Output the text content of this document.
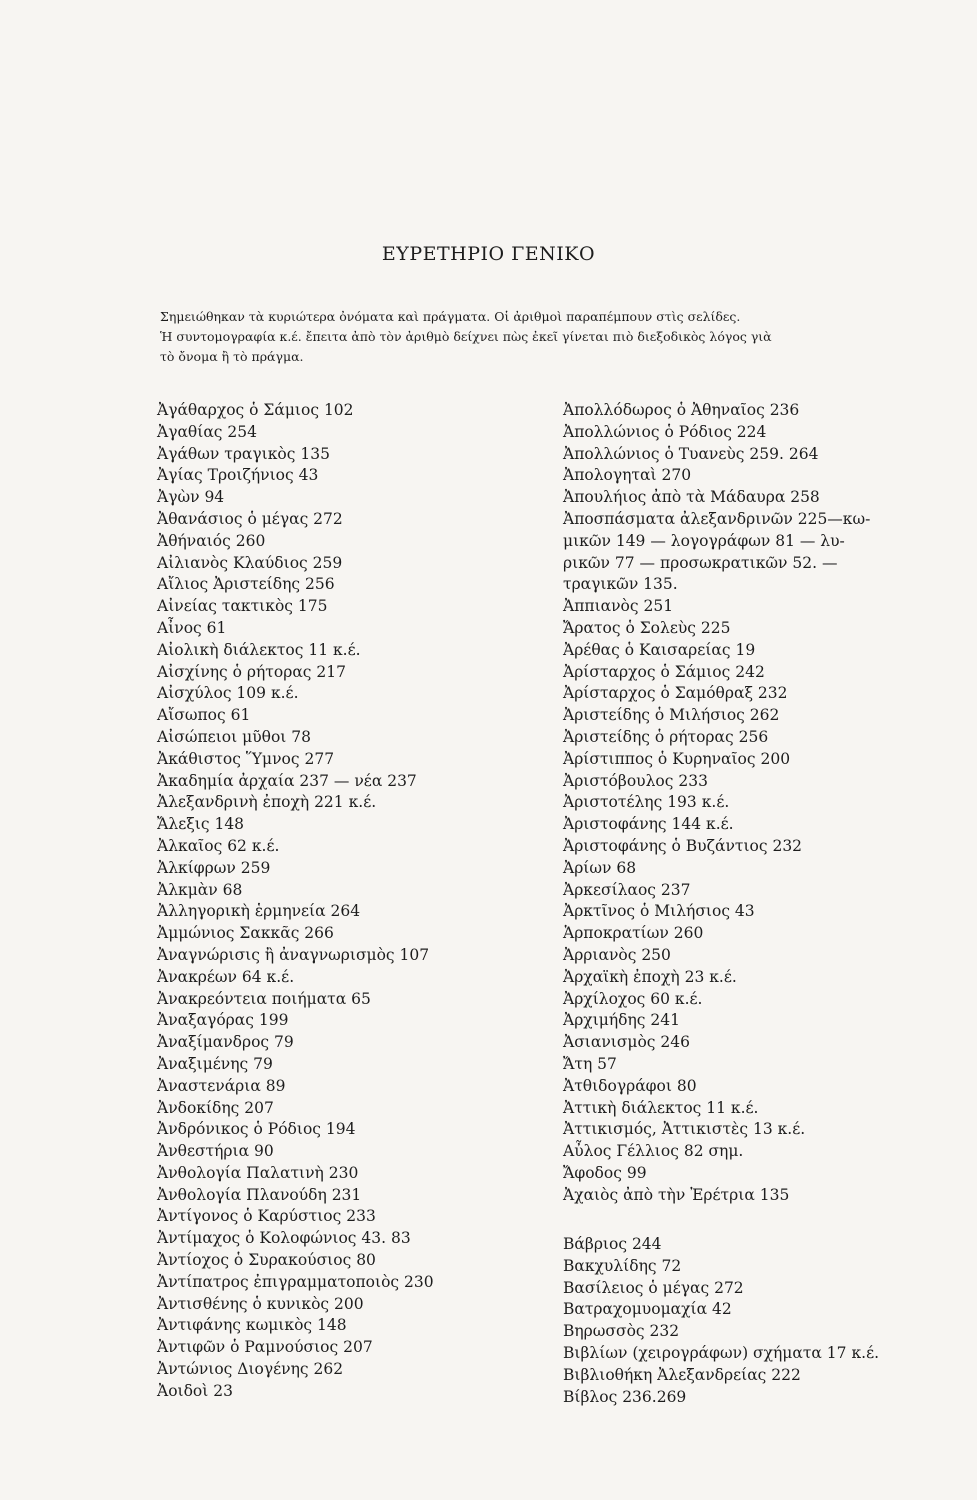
ΕΥΡΕΤΗΡΙΟ ΓΕΝΙΚΟ

Σημειώθηκαν τὰ κυριώτερα ὀνόματα καὶ πράγματα. Οἱ ἀριθμοὶ παραπέμπουν στὶς σελίδες.

Ἡ συντομογραφία κ.έ. ἔπειτα ἀπὸ τὸν ἀριθμὸ δείχνει πὼς ἐκεῖ γίνεται πιὸ διεξοδικὸς λόγος γιὰ

τὸ ὄνομα ἢ τὸ πράγμα.

Ἀγάθαρχος ὁ Σάμιος 102
Ἀγαθίας 254
Ἀγάθων τραγικὸς 135
Ἀγίας Τροιζήνιος 43
Ἀγὼν 94
Ἀθανάσιος ὁ μέγας 272
Ἀθήναιός 260
Αἰλιανὸς Κλαύδιος 259
Αἴλιος Ἀριστείδης 256
Αἰνείας τακτικὸς 175
Αἶνος 61
Αἰολικὴ διάλεκτος 11 κ.έ.
Αἰσχίνης ὁ ρήτορας 217
Αἰσχύλος 109 κ.έ.
Αἴσωπος 61
Αἰσώπειοι μῦθοι 78
Ἀκάθιστος Ὕμνος 277
Ἀκαδημία ἀρχαία 237 — νέα 237
Ἀλεξανδρινὴ ἐποχὴ 221 κ.έ.
Ἄλεξις 148
Ἀλκαῖος 62 κ.έ.
Ἀλκίφρων 259
Ἀλκμὰν 68
Ἀλληγορικὴ ἑρμηνεία 264
Ἀμμώνιος Σακκᾶς 266
Ἀναγνώρισις ἢ ἀναγνωρισμὸς 107
Ἀνακρέων 64 κ.έ.
Ἀνακρεόντεια ποιήματα 65
Ἀναξαγόρας 199
Ἀναξίμανδρος 79
Ἀναξιμένης 79
Ἀναστενάρια 89
Ἀνδοκίδης 207
Ἀνδρόνικος ὁ Ρόδιος 194
Ἀνθεστήρια 90
Ἀνθολογία Παλατινὴ 230
Ἀνθολογία Πλανούδη 231
Ἀντίγονος ὁ Καρύστιος 233
Ἀντίμαχος ὁ Κολοφώνιος 43. 83
Ἀντίοχος ὁ Συρακούσιος 80
Ἀντίπατρος ἐπιγραμματοποιὸς 230
Ἀντισθένης ὁ κυνικὸς 200
Ἀντιφάνης κωμικὸς 148
Ἀντιφῶν ὁ Ραμνούσιος 207
Ἀντώνιος Διογένης 262
Ἀοιδοὶ 23
Ἀπολλόδωρος ὁ Ἀθηναῖος 236
Ἀπολλώνιος ὁ Ρόδιος 224
Ἀπολλώνιος ὁ Τυανεὺς 259. 264
Ἀπολογηταὶ 270
Ἀπουλήιος ἀπὸ τὰ Μάδαυρα 258
Ἀποσπάσματα ἀλεξανδρινῶν 225—κω-
μικῶν 149 — λογογράφων 81 — λυ-
ρικῶν 77 — προσωκρατικῶν 52. —
τραγικῶν 135.
Ἀππιανὸς 251
Ἄρατος ὁ Σολεὺς 225
Ἀρέθας ὁ Καισαρείας 19
Ἀρίσταρχος ὁ Σάμιος 242
Ἀρίσταρχος ὁ Σαμόθραξ 232
Ἀριστείδης ὁ Μιλήσιος 262
Ἀριστείδης ὁ ρήτορας 256
Ἀρίστιππος ὁ Κυρηναῖος 200
Ἀριστόβουλος 233
Ἀριστοτέλης 193 κ.έ.
Ἀριστοφάνης 144 κ.έ.
Ἀριστοφάνης ὁ Βυζάντιος 232
Ἀρίων 68
Ἀρκεσίλαος 237
Ἀρκτῖνος ὁ Μιλήσιος 43
Ἁρποκρατίων 260
Ἀρριανὸς 250
Ἀρχαϊκὴ ἐποχὴ 23 κ.έ.
Ἀρχίλοχος 60 κ.έ.
Ἀρχιμήδης 241
Ἀσιανισμὸς 246
Ἄτη 57
Ἀτθιδογράφοι 80
Ἀττικὴ διάλεκτος 11 κ.έ.
Ἀττικισμός, Ἀττικιστὲς 13 κ.έ.
Αὖλος Γέλλιος 82 σημ.
Ἄφοδος 99
Ἀχαιὸς ἀπὸ τὴν Ἐρέτρια 135
Βάβριος 244
Βακχυλίδης 72
Βασίλειος ὁ μέγας 272
Βατραχομυομαχία 42
Βηρωσσὸς 232
Βιβλίων (χειρογράφων) σχήματα 17 κ.έ.
Βιβλιοθήκη Ἀλεξανδρείας 222
Βίβλος 236.269
